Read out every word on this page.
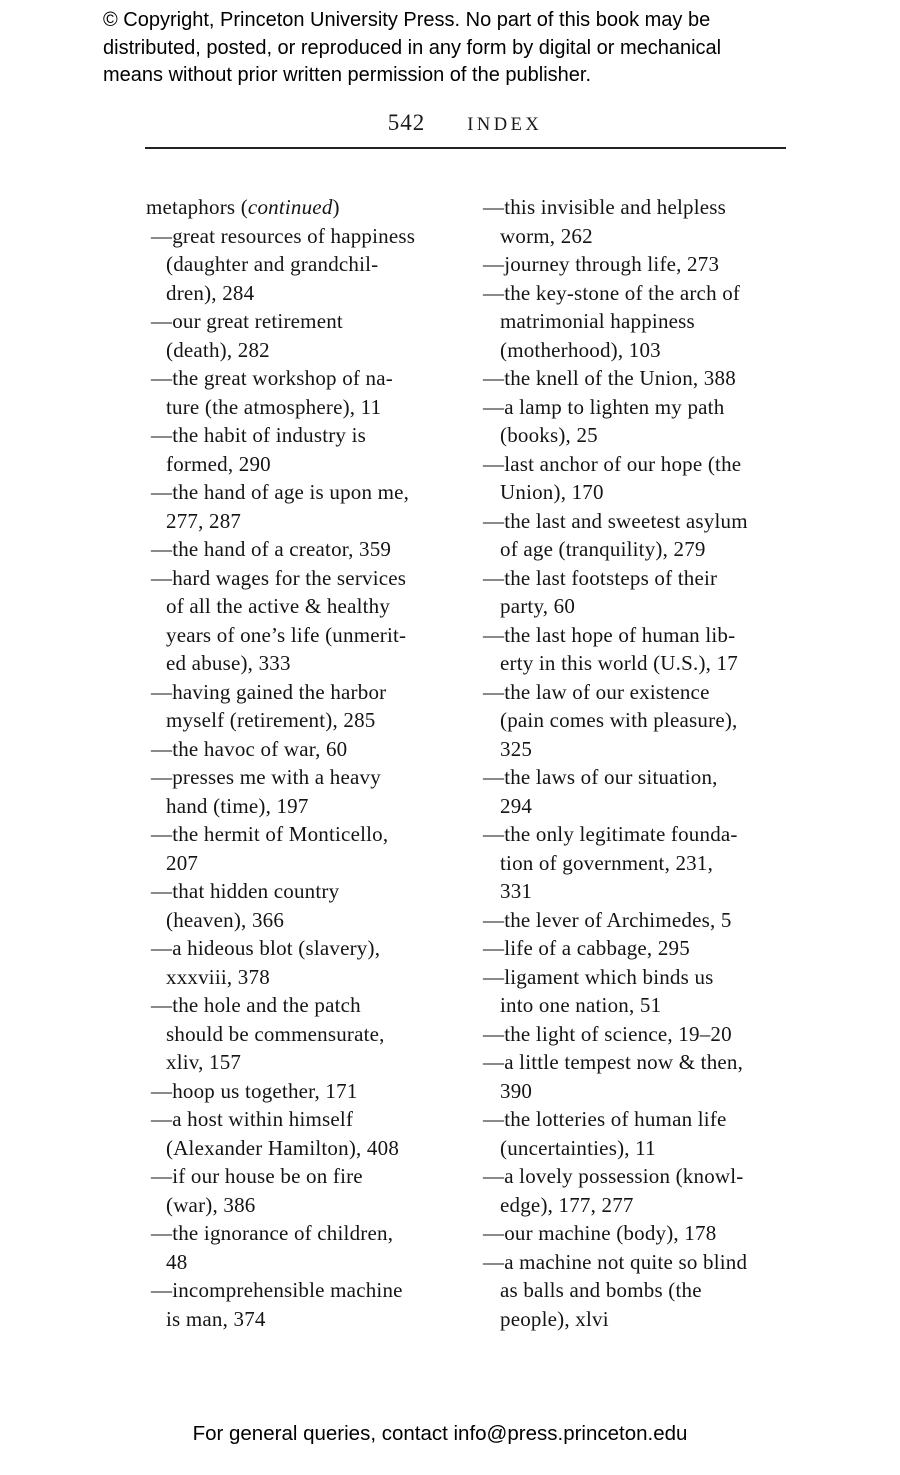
© Copyright, Princeton University Press. No part of this book may be
distributed, posted, or reproduced in any form by digital or mechanical
means without prior written permission of the publisher.
542 INDEX
metaphors (continued)
—great resources of happiness
(daughter and grandchil-
dren), 284
—our great retirement
(death), 282
—the great workshop of na-
ture (the atmosphere), 11
—the habit of industry is
formed, 290
—the hand of age is upon me,
277, 287
—the hand of a creator, 359
—hard wages for the services
of all the active & healthy
years of one’s life (unmerit-
ed abuse), 333
—having gained the harbor
myself (retirement), 285
—the havoc of war, 60
—presses me with a heavy
hand (time), 197
—the hermit of Monticello,
207
—that hidden country
(heaven), 366
—a hideous blot (slavery),
xxxviii, 378
—the hole and the patch
should be commensurate,
xliv, 157
—hoop us together, 171
—a host within himself
(Alexander Hamilton), 408
—if our house be on fire
(war), 386
—the ignorance of children,
48
—incomprehensible machine
is man, 374
—this invisible and helpless
worm, 262
—journey through life, 273
—the key-stone of the arch of
matrimonial happiness
(motherhood), 103
—the knell of the Union, 388
—a lamp to lighten my path
(books), 25
—last anchor of our hope (the
Union), 170
—the last and sweetest asylum
of age (tranquility), 279
—the last footsteps of their
party, 60
—the last hope of human lib-
erty in this world (U.S.), 17
—the law of our existence
(pain comes with pleasure),
325
—the laws of our situation,
294
—the only legitimate founda-
tion of government, 231,
331
—the lever of Archimedes, 5
—life of a cabbage, 295
—ligament which binds us
into one nation, 51
—the light of science, 19–20
—a little tempest now & then,
390
—the lotteries of human life
(uncertainties), 11
—a lovely possession (knowl-
edge), 177, 277
—our machine (body), 178
—a machine not quite so blind
as balls and bombs (the
people), xlvi
For general queries, contact info@press.princeton.edu
